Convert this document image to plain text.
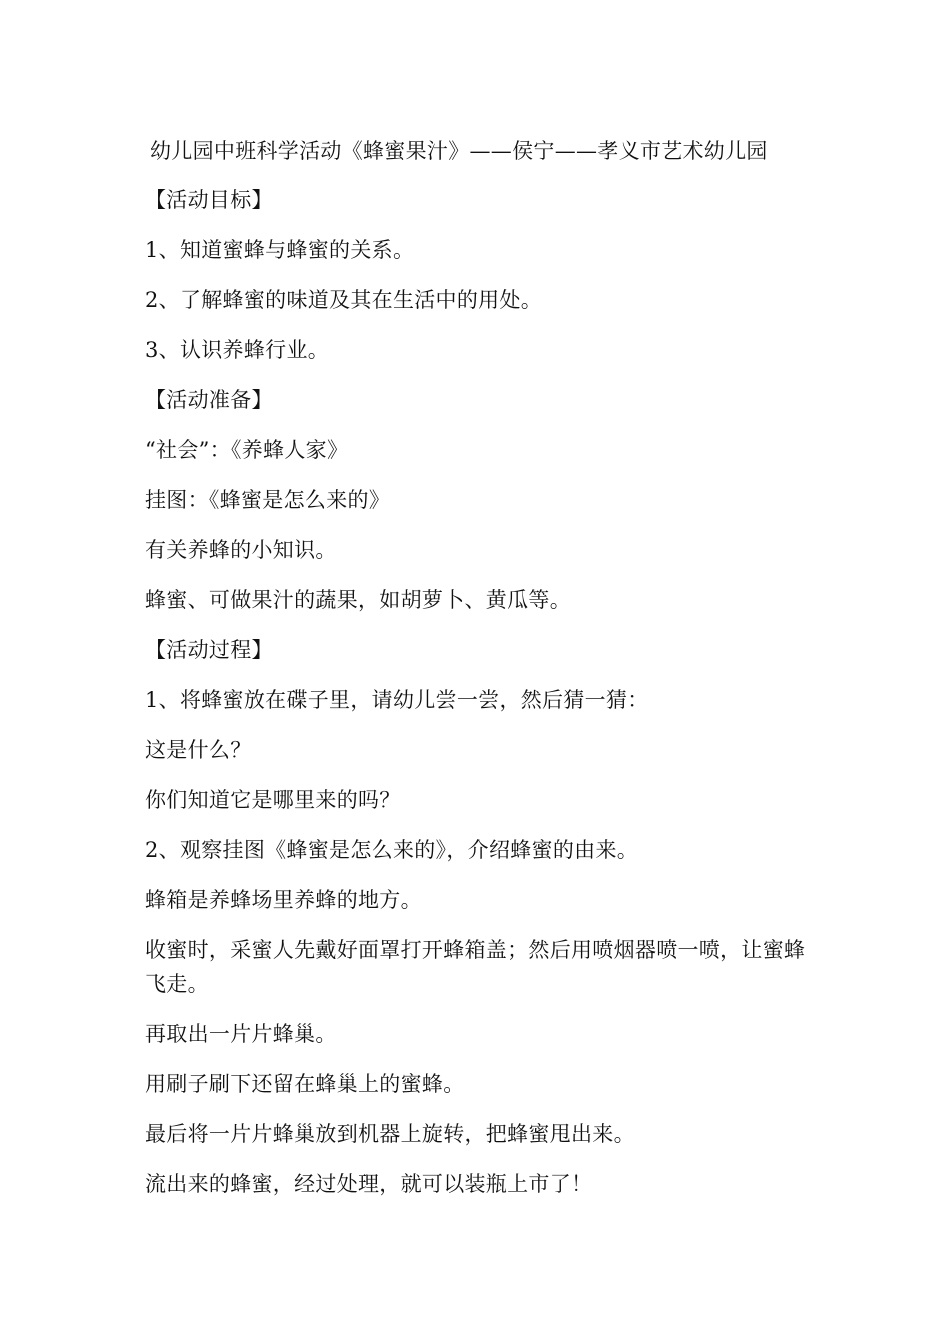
幼儿园中班科学活动《蜂蜜果汁》——侯宁——孝义市艺术幼儿园
【活动目标】
1、知道蜜蜂与蜂蜜的关系。
2、了解蜂蜜的味道及其在生活中的用处。
3、认识养蜂行业。
【活动准备】
“社会”：《养蜂人家》
挂图：《蜂蜜是怎么来的》
有关养蜂的小知识。
蜂蜜、可做果汁的蔬果，如胡萝卜、黄瓜等。
【活动过程】
1、将蜂蜜放在碟子里，请幼儿尝一尝，然后猜一猜：
这是什么？
你们知道它是哪里来的吗？
2、观察挂图《蜂蜜是怎么来的》，介绍蜂蜜的由来。
蜂箱是养蜂场里养蜂的地方。
收蜜时，采蜜人先戴好面罩打开蜂箱盖；然后用喷烟器喷一喷，让蜜蜂飞走。
再取出一片片蜂巢。
用刷子刷下还留在蜂巢上的蜜蜂。
最后将一片片蜂巢放到机器上旋转，把蜂蜜甩出来。
流出来的蜂蜜，经过处理，就可以装瓶上市了！
